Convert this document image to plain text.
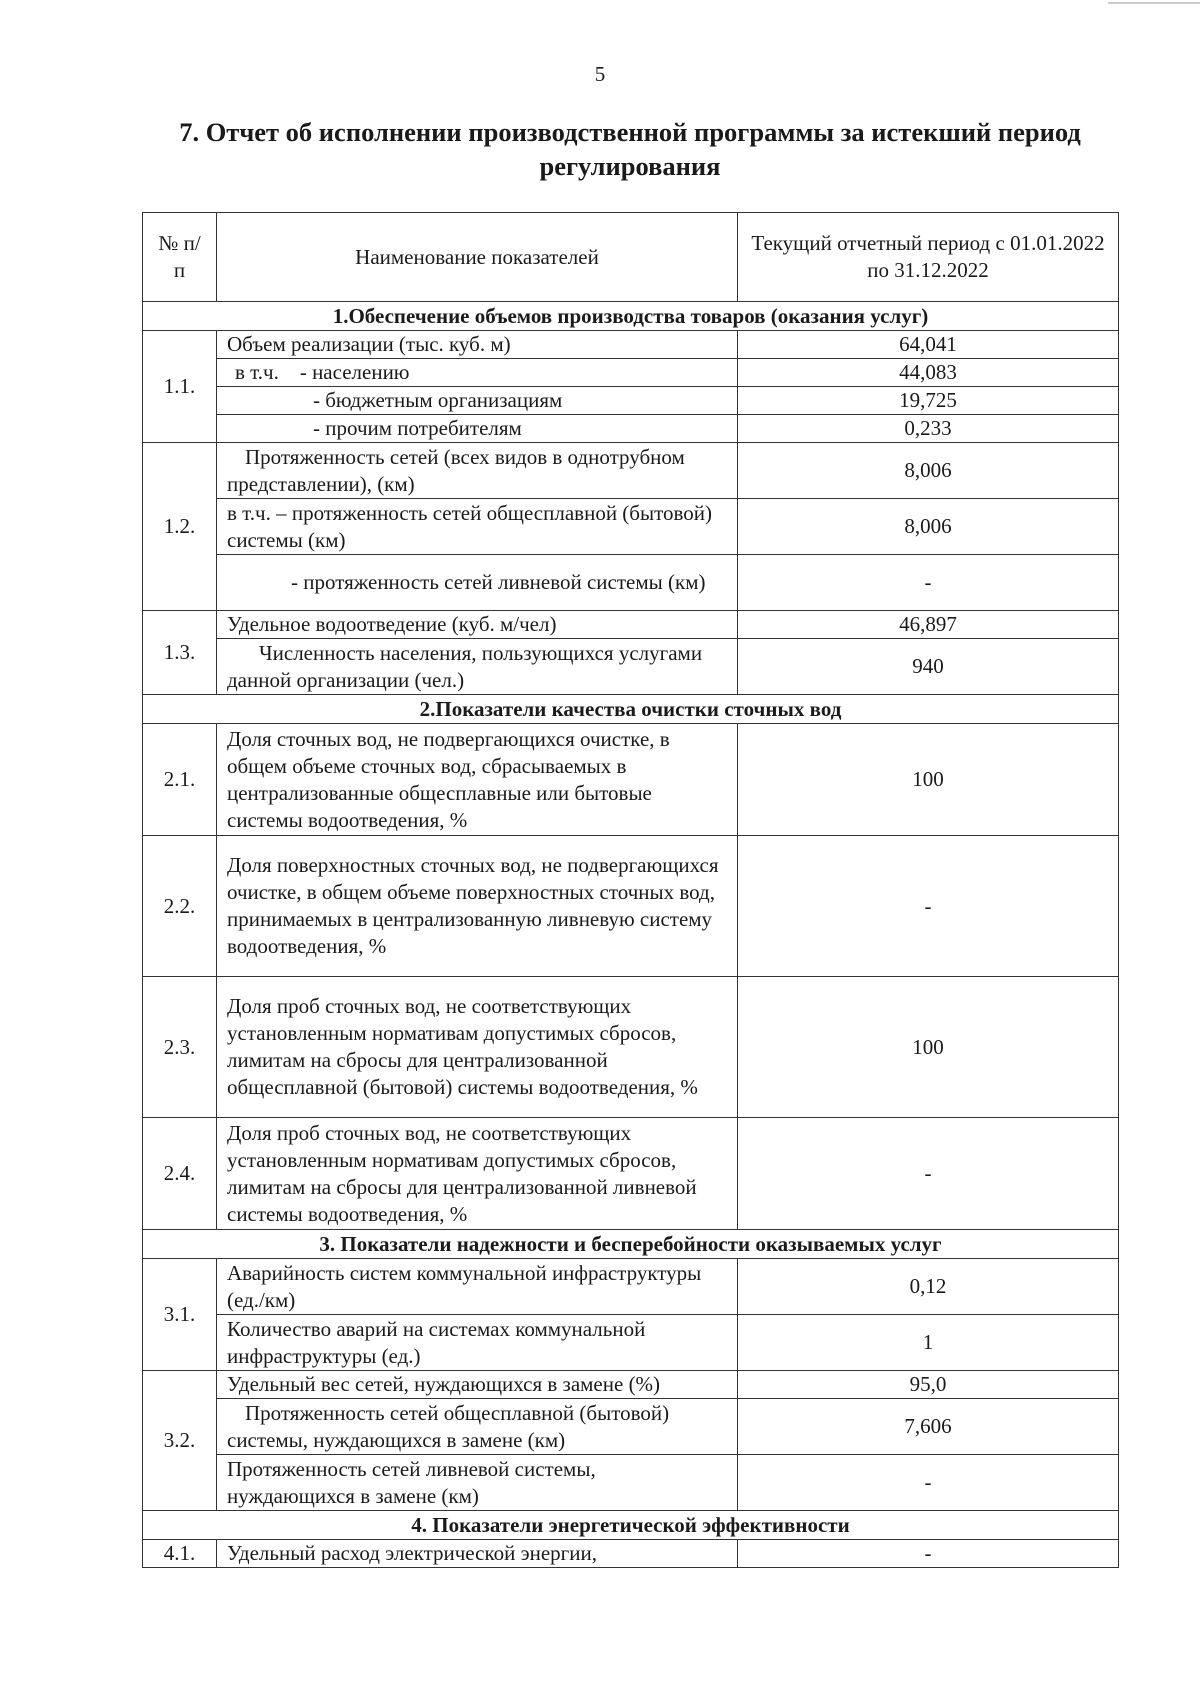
5
7. Отчет об исполнении производственной программы за истекший период регулирования
№ п/п	Наименование показателей	Текущий отчетный период с 01.01.2022 по 31.12.2022
1.Обеспечение объемов производства товаров (оказания услуг)		
1.1.	Объем реализации (тыс. куб. м)	64,041
	в т.ч.    - населению	44,083
	- бюджетным организациям	19,725
	- прочим потребителям	0,233
1.2.	Протяженность сетей (всех видов в однотрубном представлении), (км)	8,006
	в т.ч. – протяженность сетей общесплавной (бытовой) системы (км)	8,006
	- протяженность сетей ливневой системы (км)	-
1.3.	Удельное водоотведение (куб. м/чел)	46,897
	Численность населения, пользующихся услугами данной организации (чел.)	940
2.Показатели качества очистки сточных вод		
2.1.	Доля сточных вод, не подвергающихся очистке, в общем объеме сточных вод, сбрасываемых в централизованные общесплавные или бытовые системы водоотведения, %	100
2.2.	Доля поверхностных сточных вод, не подвергающихся очистке, в общем объеме поверхностных сточных вод, принимаемых в централизованную ливневую систему водоотведения, %	-
2.3.	Доля проб сточных вод, не соответствующих установленным нормативам допустимых сбросов, лимитам на сбросы для централизованной общесплавной (бытовой) системы водоотведения, %	100
2.4.	Доля проб сточных вод, не соответствующих установленным нормативам допустимых сбросов, лимитам на сбросы для централизованной ливневой системы водоотведения, %	-
3. Показатели надежности и бесперебойности оказываемых услуг		
3.1.	Аварийность систем коммунальной инфраструктуры (ед./км)	0,12
	Количество аварий на системах коммунальной инфраструктуры (ед.)	1
3.2.	Удельный вес сетей, нуждающихся в замене (%)	95,0
	Протяженность сетей общесплавной (бытовой) системы, нуждающихся в замене (км)	7,606
	Протяженность сетей ливневой системы, нуждающихся в замене (км)	-
4. Показатели энергетической эффективности		
4.1.	Удельный расход электрической энергии,	-
